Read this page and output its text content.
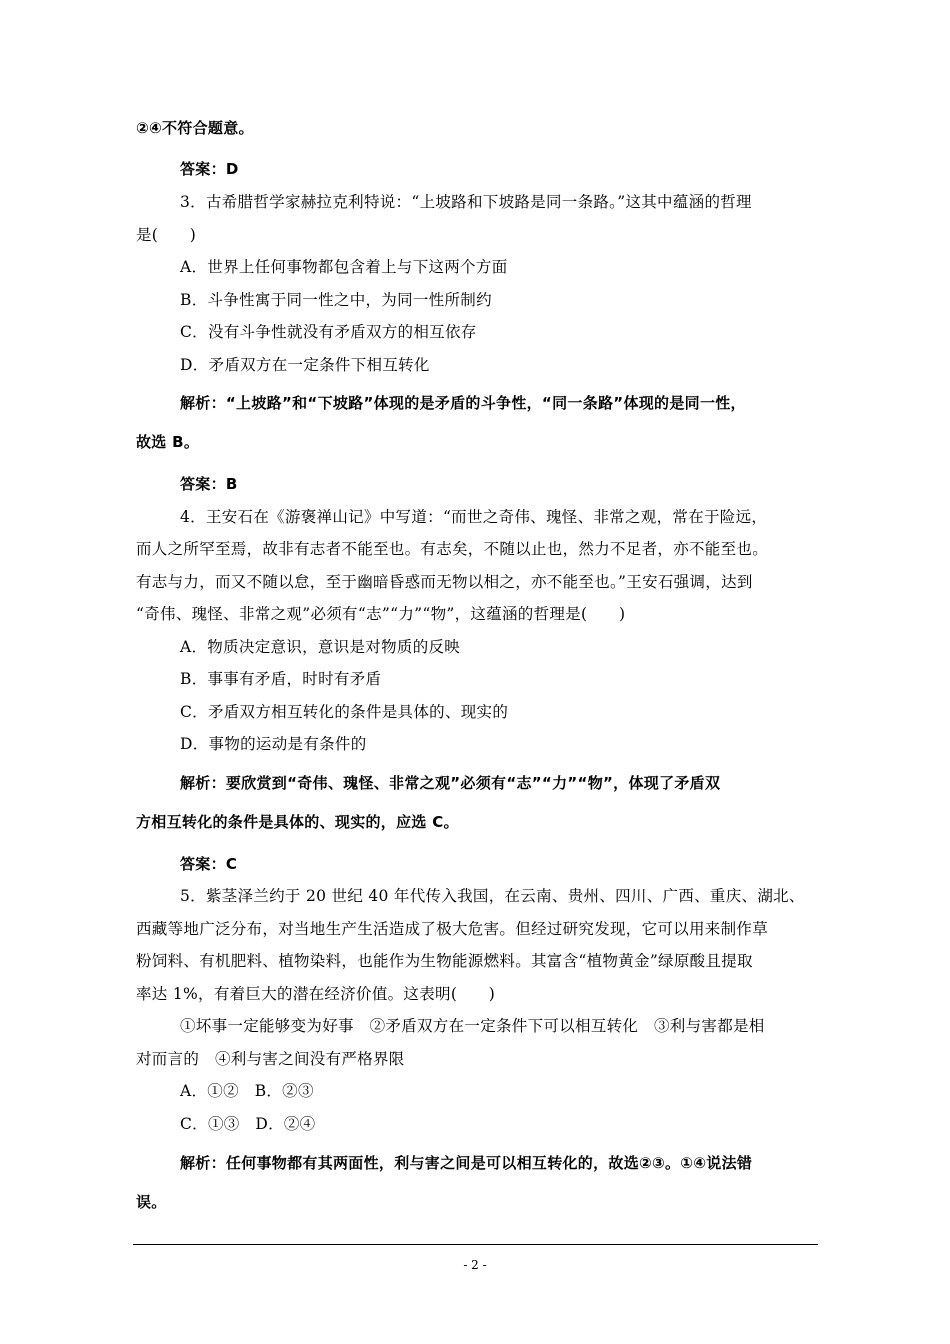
②④不符合题意。
答案：D
3．古希腊哲学家赫拉克利特说：“上坡路和下坡路是同一条路。”这其中蕴涵的哲理
是(　　)
A．世界上任何事物都包含着上与下这两个方面
B．斗争性寓于同一性之中，为同一性所制约
C．没有斗争性就没有矛盾双方的相互依存
D．矛盾双方在一定条件下相互转化
解析：“上坡路”和“下坡路”体现的是矛盾的斗争性，“同一条路”体现的是同一性，
故选 B。
答案：B
4．王安石在《游褒禅山记》中写道：“而世之奇伟、瑰怪、非常之观，常在于险远，
而人之所罕至焉，故非有志者不能至也。有志矣，不随以止也，然力不足者，亦不能至也。
有志与力，而又不随以怠，至于幽暗昏惑而无物以相之，亦不能至也。”王安石强调，达到
“奇伟、瑰怪、非常之观”必须有“志”“力”“物”，这蕴涵的哲理是(　　)
A．物质决定意识，意识是对物质的反映
B．事事有矛盾，时时有矛盾
C．矛盾双方相互转化的条件是具体的、现实的
D．事物的运动是有条件的
解析：要欣赏到“奇伟、瑰怪、非常之观”必须有“志”“力”“物”，体现了矛盾双
方相互转化的条件是具体的、现实的，应选 C。
答案：C
5．紫茎泽兰约于 20 世纪 40 年代传入我国，在云南、贵州、四川、广西、重庆、湖北、
西藏等地广泛分布，对当地生产生活造成了极大危害。但经过研究发现，它可以用来制作草
粉饲料、有机肥料、植物染料，也能作为生物能源燃料。其富含“植物黄金”绿原酸且提取
率达 1%，有着巨大的潜在经济价值。这表明(　　)
①坏事一定能够变为好事　②矛盾双方在一定条件下可以相互转化　③利与害都是相
对而言的　④利与害之间没有严格界限
A．①②　B．②③
C．①③　D．②④
解析：任何事物都有其两面性，利与害之间是可以相互转化的，故选②③。①④说法错
误。
- 2 -
